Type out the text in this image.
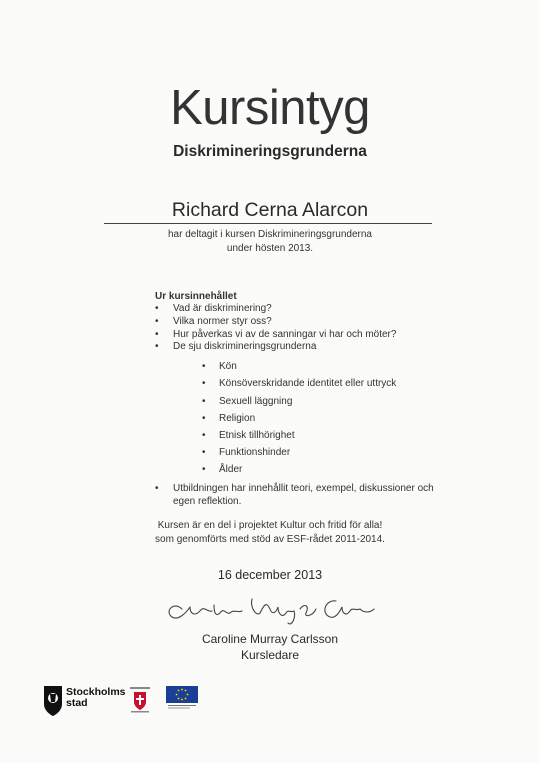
Kursintyg
Diskrimineringsgrunderna
Richard Cerna Alarcon
har deltagit i kursen Diskrimineringsgrunderna
under hösten 2013.
Ur kursinnehållet
• Vad är diskriminering?
• Vilka normer styr oss?
• Hur påverkas vi av de sanningar vi har och möter?
• De sju diskrimineringsgrunderna
• Kön
• Könsöverskridande identitet eller uttryck
• Sexuell läggning
• Religion
• Etnisk tillhörighet
• Funktionshinder
• Ålder
• Utbildningen har innehållit teori, exempel, diskussioner och egen reflektion.
Kursen är en del i projektet Kultur och fritid för alla!
som genomförts med stöd av ESF-rådet 2011-2014.
16 december 2013
Caroline Murray Carlsson
Kursledare
Stockholms
stad
